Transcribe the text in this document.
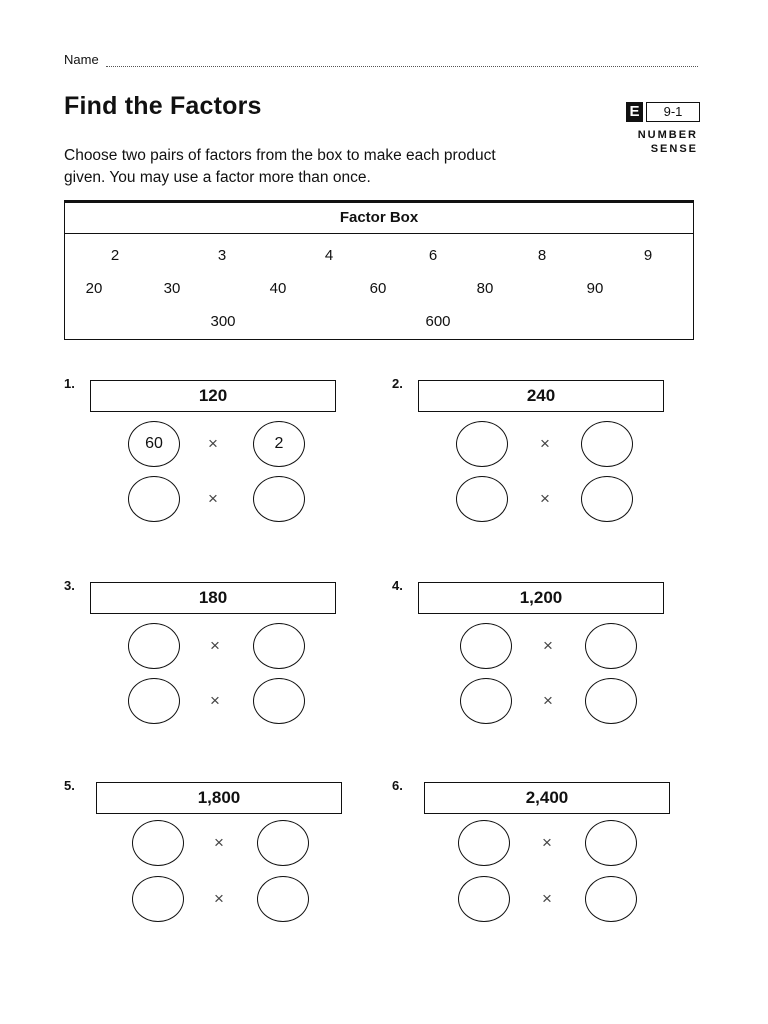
Name
Find the Factors	E	9-1
NUMBER
SENSE
Choose two pairs of factors from the box to make each product given. You may use a factor more than once.
Factor Box
2	3	4	6	8	9
20	30	40	60	80	90
300	600
1.
120
60	×	2
×
2.
240
×
×
3.
180
×
×
4.
1,200
×
×
5.
1,800
×
×
6.
2,400
×
×
